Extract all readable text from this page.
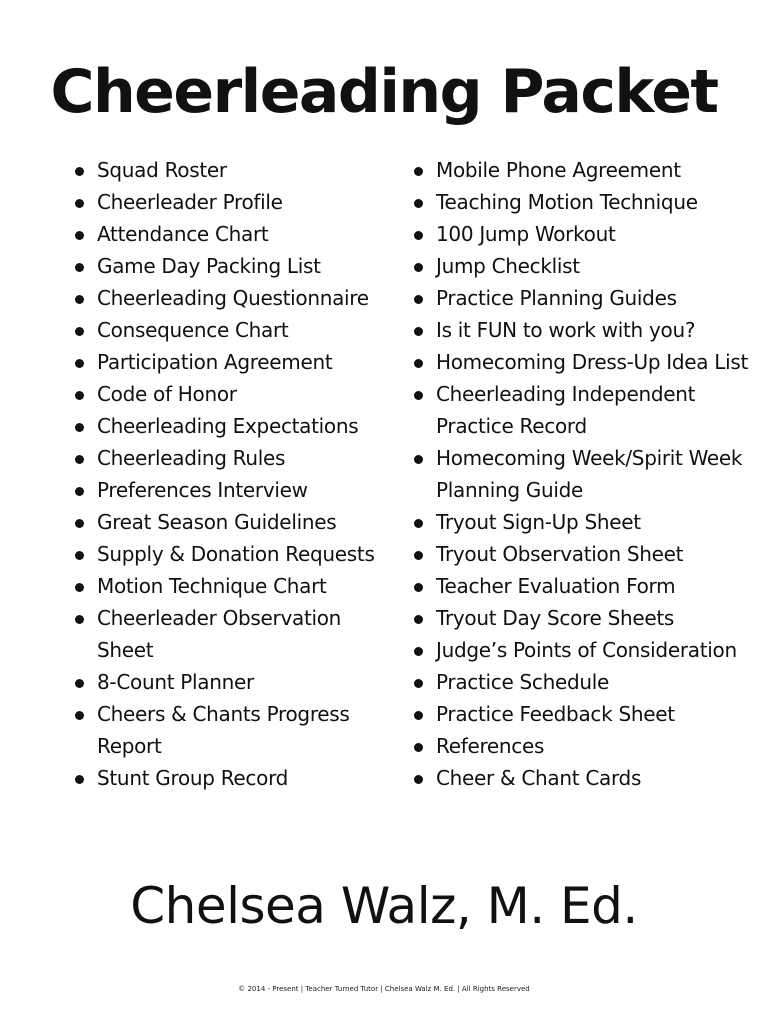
Cheerleading Packet
Squad Roster
Cheerleader Profile
Attendance Chart
Game Day Packing List
Cheerleading Questionnaire
Consequence Chart
Participation Agreement
Code of Honor
Cheerleading Expectations
Cheerleading Rules
Preferences Interview
Great Season Guidelines
Supply & Donation Requests
Motion Technique Chart
Cheerleader Observation Sheet
8-Count Planner
Cheers & Chants Progress Report
Stunt Group Record
Mobile Phone Agreement
Teaching Motion Technique
100 Jump Workout
Jump Checklist
Practice Planning Guides
Is it FUN to work with you?
Homecoming Dress-Up Idea List
Cheerleading Independent Practice Record
Homecoming Week/Spirit Week Planning Guide
Tryout Sign-Up Sheet
Tryout Observation Sheet
Teacher Evaluation Form
Tryout Day Score Sheets
Judge’s Points of Consideration
Practice Schedule
Practice Feedback Sheet
References
Cheer & Chant Cards
Chelsea Walz, M. Ed.
© 2014 - Present | Teacher Turned Tutor | Chelsea Walz M. Ed. | All Rights Reserved
